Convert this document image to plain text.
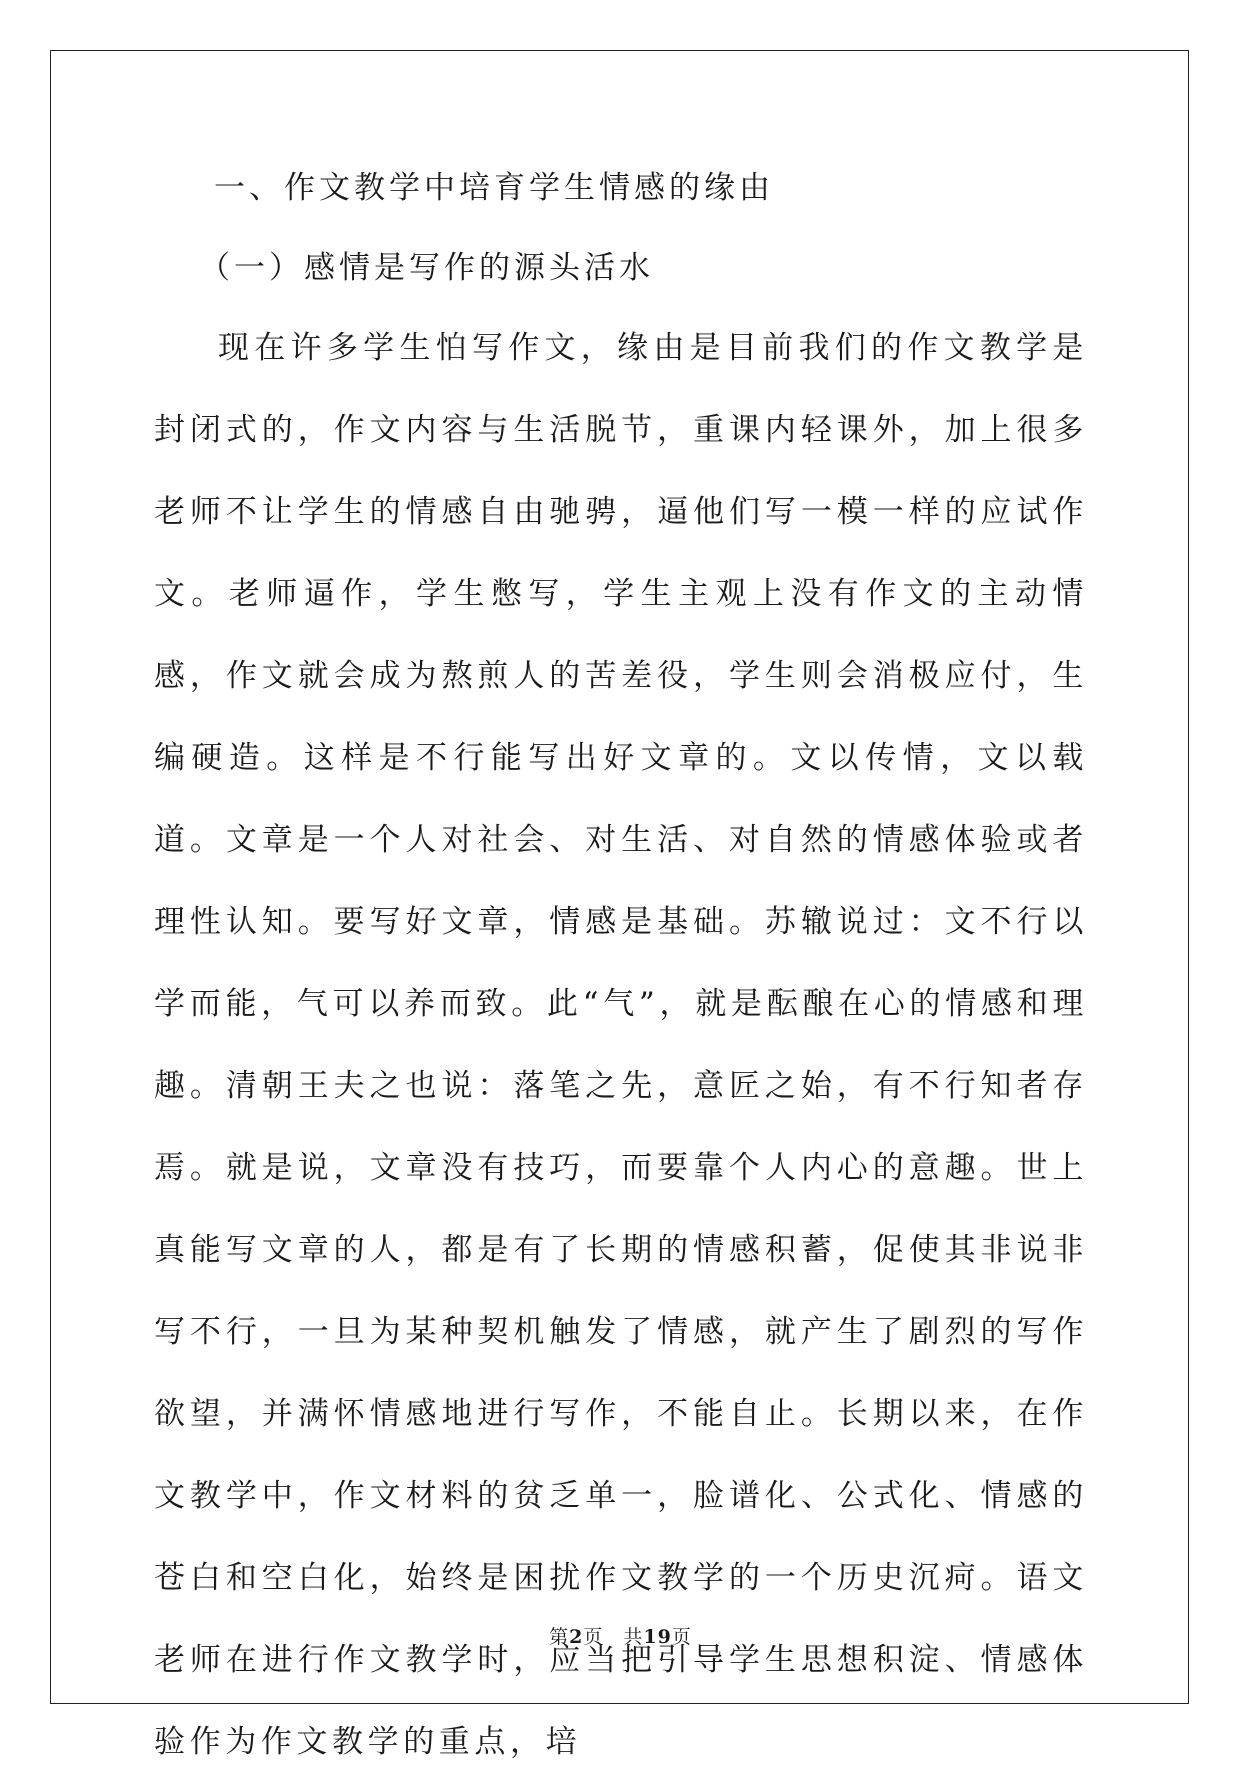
一、作文教学中培育学生情感的缘由
（一）感情是写作的源头活水

现在许多学生怕写作文，缘由是目前我们的作文教学是封闭式的，作文内容与生活脱节，重课内轻课外，加上很多老师不让学生的情感自由驰骋，逼他们写一模一样的应试作文。老师逼作，学生憋写，学生主观上没有作文的主动情感，作文就会成为熬煎人的苦差役，学生则会消极应付，生编硬造。这样是不行能写出好文章的。文以传情，文以载道。文章是一个人对社会、对生活、对自然的情感体验或者理性认知。要写好文章，情感是基础。苏辙说过：文不行以学而能，气可以养而致。此“气”，就是酝酿在心的情感和理趣。清朝王夫之也说：落笔之先，意匠之始，有不行知者存焉。就是说，文章没有技巧，而要靠个人内心的意趣。世上真能写文章的人，都是有了长期的情感积蓄，促使其非说非写不行，一旦为某种契机触发了情感，就产生了剧烈的写作欲望，并满怀情感地进行写作，不能自止。长期以来，在作文教学中，作文材料的贫乏单一，脸谱化、公式化、情感的苍白和空白化，始终是困扰作文教学的一个历史沉疴。语文老师在进行作文教学时，应当把引导学生思想积淀、情感体验作为作文教学的重点，培

第2页　共19页
